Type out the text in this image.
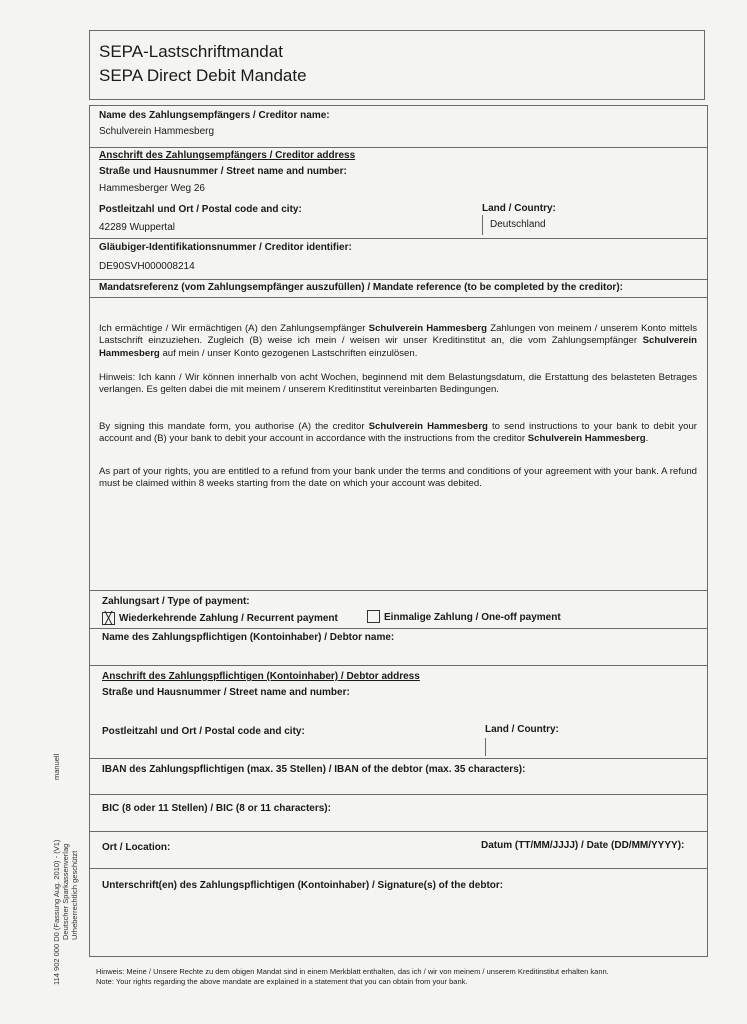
SEPA-Lastschriftmandat
SEPA Direct Debit Mandate
Name des Zahlungsempfängers / Creditor name:
Schulverein Hammesberg
Anschrift des Zahlungsempfängers / Creditor address
Straße und Hausnummer / Street name and number:
Hammesberger Weg 26
Postleitzahl und Ort / Postal code and city:
42289 Wuppertal
Land / Country:
Deutschland
Gläubiger-Identifikationsnummer / Creditor identifier:
DE90SVH000008214
Mandatsreferenz (vom Zahlungsempfänger auszufüllen) / Mandate reference (to be completed by the creditor):
Ich ermächtige / Wir ermächtigen (A) den Zahlungsempfänger Schulverein Hammesberg Zahlungen von meinem / unserem Konto mittels Lastschrift einzuziehen. Zugleich (B) weise ich mein / weisen wir unser Kreditinstitut an, die vom Zahlungsempfänger Schulverein Hammesberg auf mein / unser Konto gezogenen Lastschriften einzulösen.
Hinweis: Ich kann / Wir können innerhalb von acht Wochen, beginnend mit dem Belastungsdatum, die Erstattung des belasteten Betrages verlangen. Es gelten dabei die mit meinem / unserem Kreditinstitut vereinbarten Bedingungen.
By signing this mandate form, you authorise (A) the creditor Schulverein Hammesberg to send instructions to your bank to debit your account and (B) your bank to debit your account in accordance with the instructions from the creditor Schulverein Hammesberg.
As part of your rights, you are entitled to a refund from your bank under the terms and conditions of your agreement with your bank. A refund must be claimed within 8 weeks starting from the date on which your account was debited.
Zahlungsart / Type of payment:
╳ Wiederkehrende Zahlung / Recurrent payment	Einmalige Zahlung / One-off payment
Name des Zahlungspflichtigen (Kontoinhaber) / Debtor name:
Anschrift des Zahlungspflichtigen (Kontoinhaber) / Debtor address
Straße und Hausnummer / Street name and number:
Postleitzahl und Ort / Postal code and city:	Land / Country:
IBAN des Zahlungspflichtigen (max. 35 Stellen) / IBAN of the debtor (max. 35 characters):
BIC (8 oder 11 Stellen) / BIC (8 or 11 characters):
Ort / Location:	Datum (TT/MM/JJJJ) / Date (DD/MM/YYYY):
Unterschrift(en) des Zahlungspflichtigen (Kontoinhaber) / Signature(s) of the debtor:
Hinweis: Meine / Unsere Rechte zu dem obigen Mandat sind in einem Merkblatt enthalten, das ich / wir von meinem / unserem Kreditinstitut erhalten kann.
Note: Your rights regarding the above mandate are explained in a statement that you can obtain from your bank.
manuell
114 902 000 D0 (Fassung Aug. 2010) - (V1) Deutscher Sparkassenverlag Urheberrechtlich geschützt
